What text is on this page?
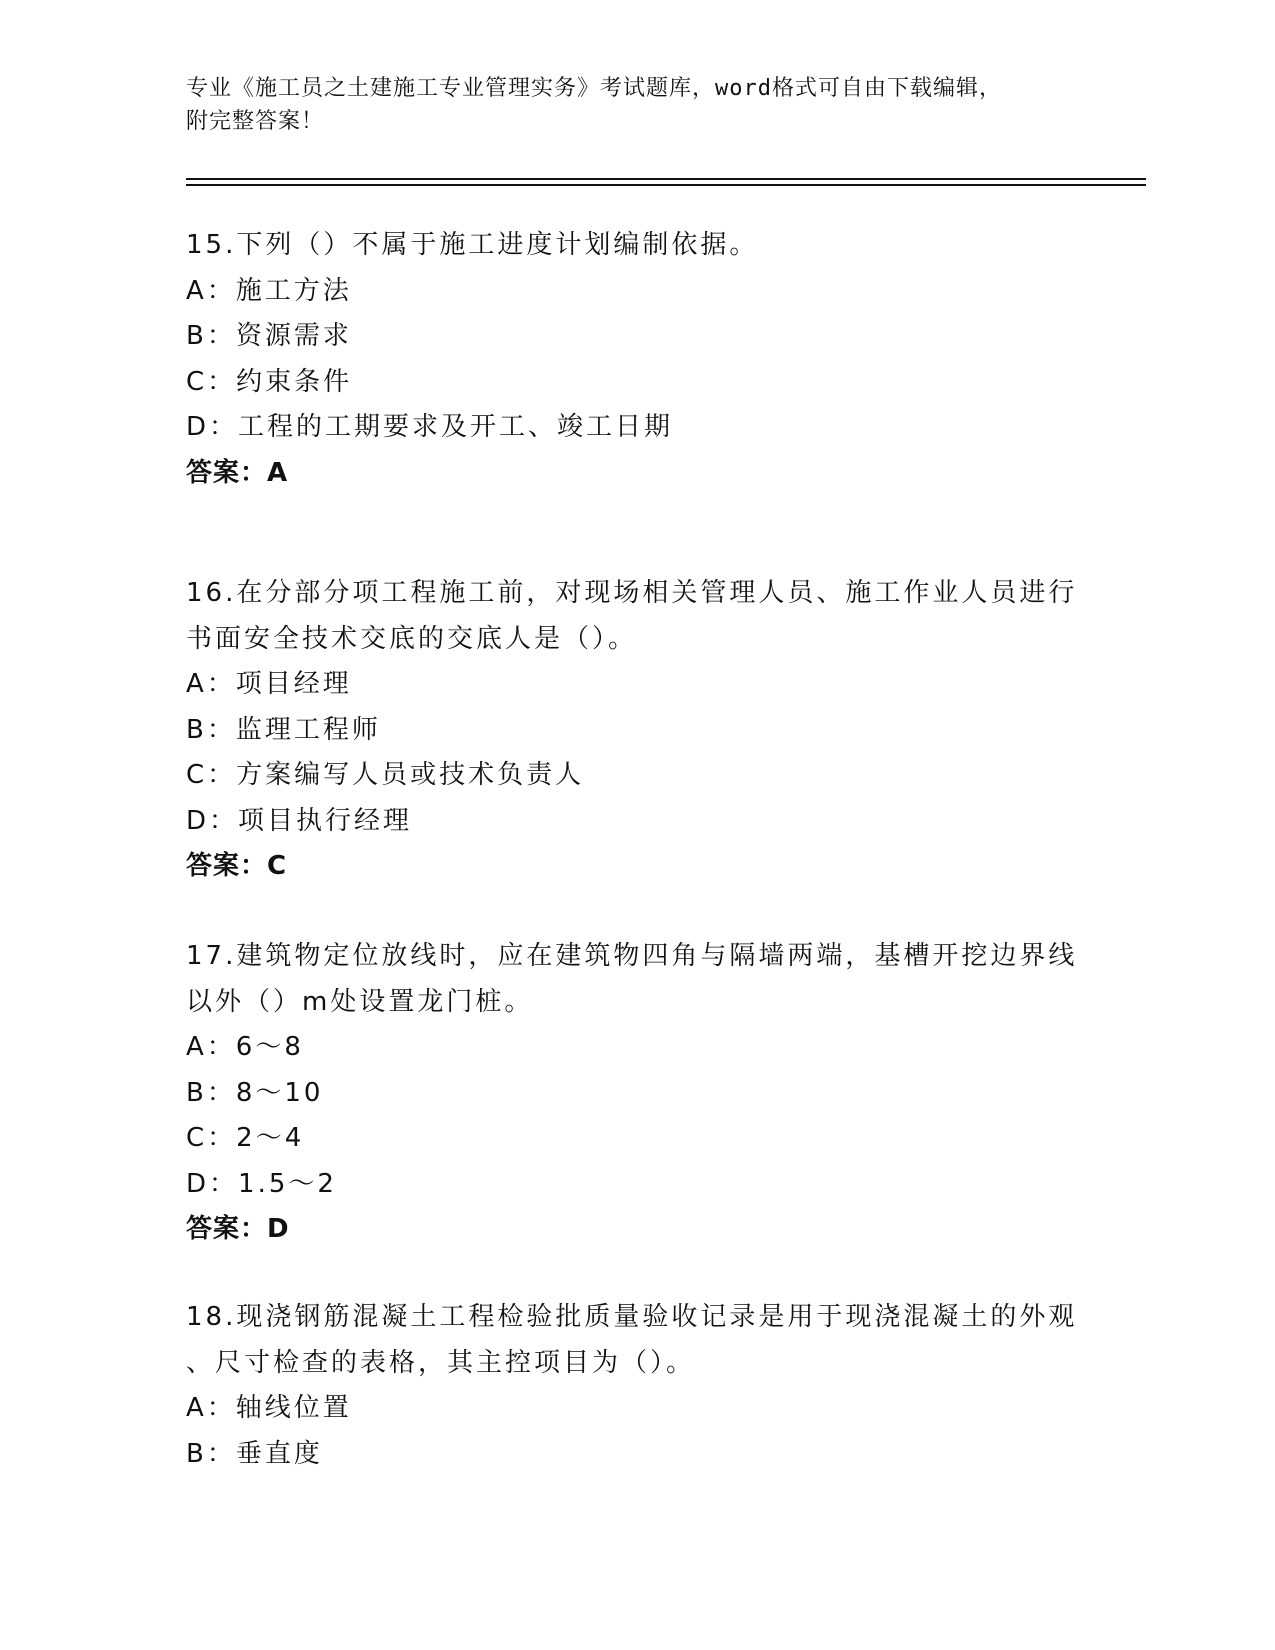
专业《施工员之土建施工专业管理实务》考试题库，word格式可自由下载编辑，
附完整答案！
15.下列（）不属于施工进度计划编制依据。
A：施工方法
B：资源需求
C：约束条件
D：工程的工期要求及开工、竣工日期
答案：A
16.在分部分项工程施工前，对现场相关管理人员、施工作业人员进行
书面安全技术交底的交底人是（）。
A：项目经理
B：监理工程师
C：方案编写人员或技术负责人
D：项目执行经理
答案：C
17.建筑物定位放线时，应在建筑物四角与隔墙两端，基槽开挖边界线
以外（）m处设置龙门桩。
A：6～8
B：8～10
C：2～4
D：1.5～2
答案：D
18.现浇钢筋混凝土工程检验批质量验收记录是用于现浇混凝土的外观
、尺寸检查的表格，其主控项目为（）。
A：轴线位置
B：垂直度
